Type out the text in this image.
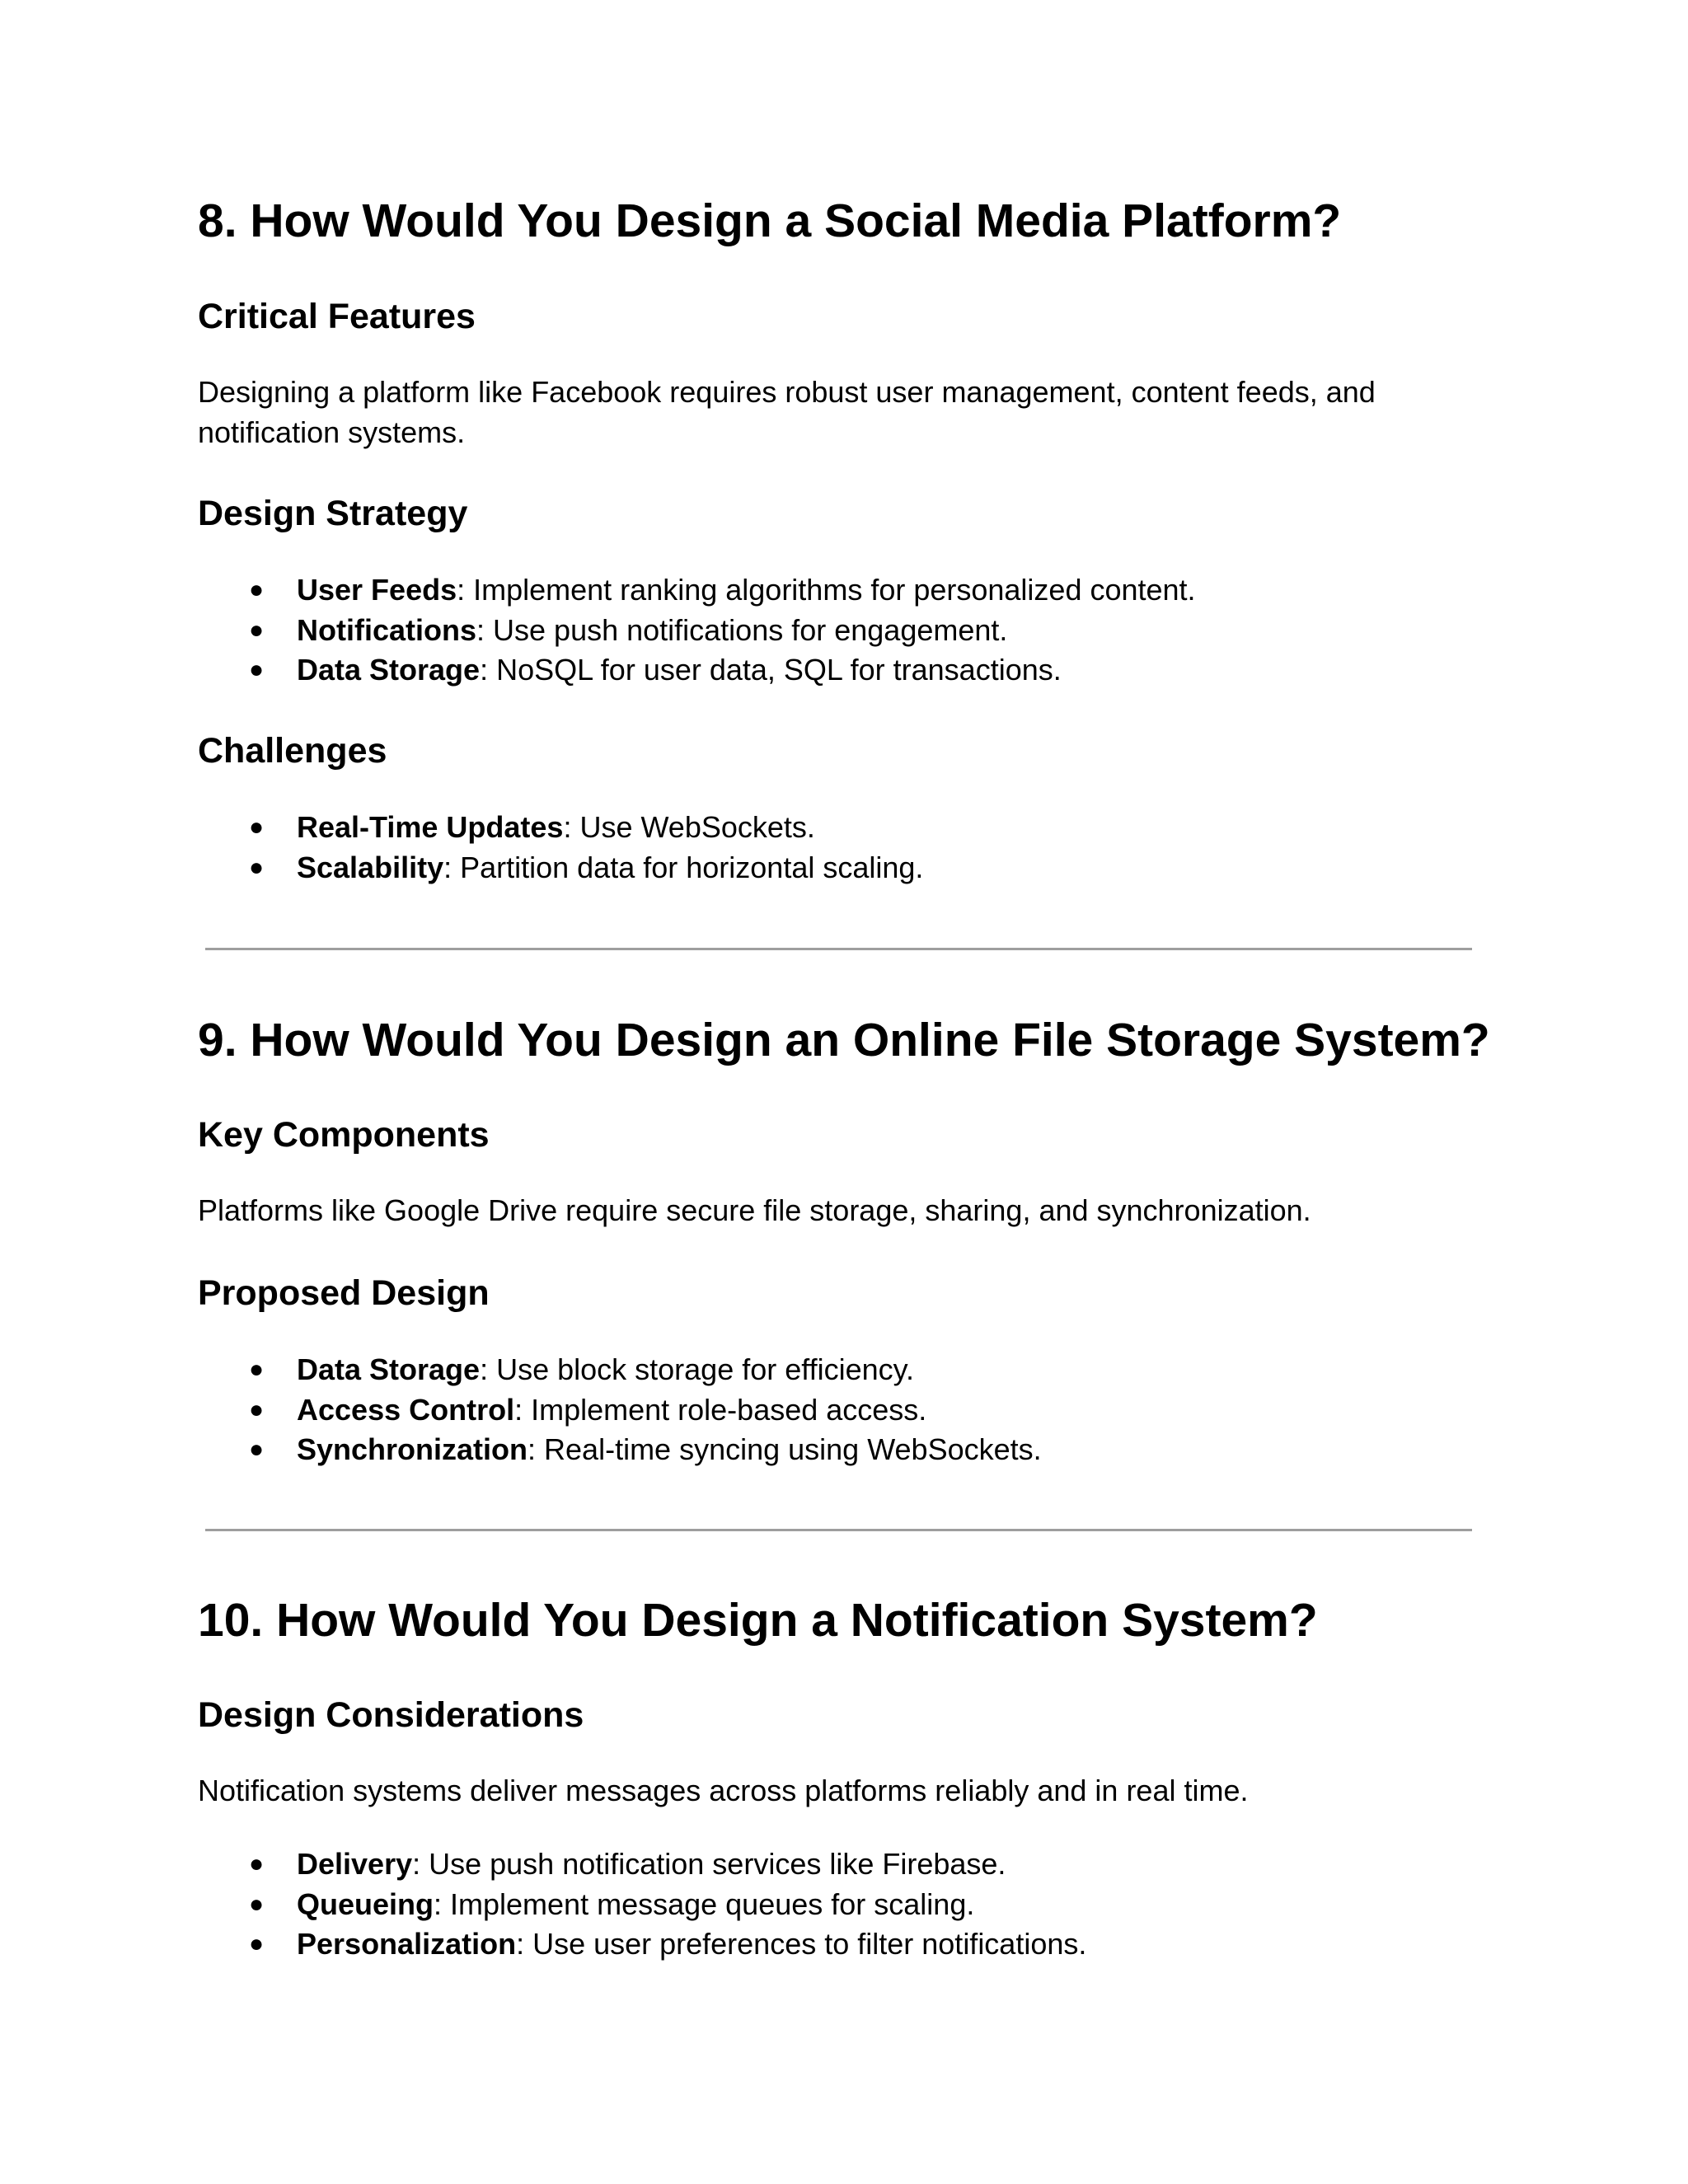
8. How Would You Design a Social Media Platform?
Critical Features

Designing a platform like Facebook requires robust user management, content feeds, and notification systems.

Design Strategy
● User Feeds: Implement ranking algorithms for personalized content.
● Notifications: Use push notifications for engagement.
● Data Storage: NoSQL for user data, SQL for transactions.
Challenges
● Real-Time Updates: Use WebSockets.
● Scalability: Partition data for horizontal scaling.
9. How Would You Design an Online File Storage System?
Key Components

Platforms like Google Drive require secure file storage, sharing, and synchronization.

Proposed Design
● Data Storage: Use block storage for efficiency.
● Access Control: Implement role-based access.
● Synchronization: Real-time syncing using WebSockets.
10. How Would You Design a Notification System?
Design Considerations

Notification systems deliver messages across platforms reliably and in real time.

● Delivery: Use push notification services like Firebase.
● Queueing: Implement message queues for scaling.
● Personalization: Use user preferences to filter notifications.
